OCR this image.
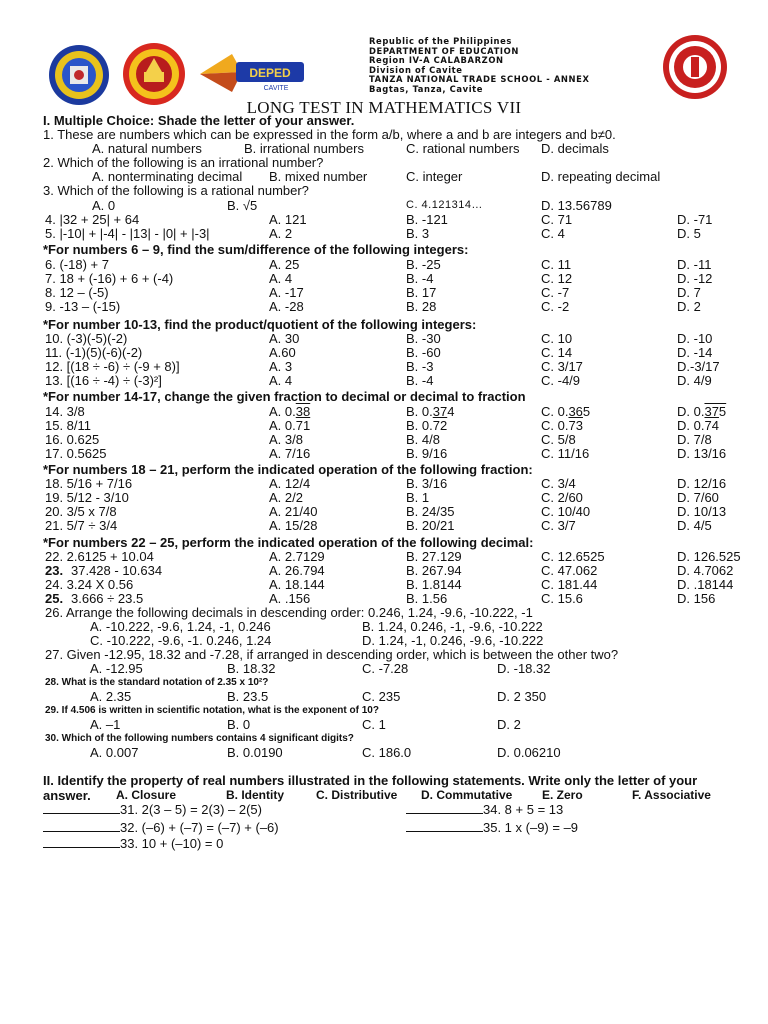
DEPED
CAVITE
Republic of the Philippines
DEPARTMENT OF EDUCATION
Region IV-A CALABARZON
Division of Cavite
TANZA NATIONAL TRADE SCHOOL - ANNEX
Bagtas, Tanza, Cavite
LONG TEST IN MATHEMATICS VII
I. Multiple Choice: Shade the letter of your answer.
1. These are numbers which can be expressed in the form a/b, where a and b are integers and b≠0.
A. natural numbers	B. irrational numbers	C. rational numbers D. decimals
2. Which of the following is an irrational number?
A. nonterminating decimal B. mixed number	C. integer	D. repeating decimal
3. Which of the following is a rational number?
A. 0	B. √5	C. 4.121314…	D. 13.56789
4. |32 + 25| + 64	A. 121	B. -121	C. 71	D. -71
5. |-10| + |-4| - |13| - |0| + |-3|	A. 2	B. 3	C. 4	D. 5
*For numbers 6 – 9, find the sum/difference of the following integers:
6. (-18) + 7	A. 25	B. -25	C. 11	D. -11
7. 18 + (-16) + 6 + (-4)	A. 4	B. -4	C. 12	D. -12
8. 12 – (-5)	A. -17	B. 17	C. -7	D. 7
9. -13 – (-15)	A. -28	B. 28	C. -2	D. 2
*For number 10-13, find the product/quotient of the following integers:
10. (-3)(-5)(-2)	A. 30	B. -30	C. 10	D. -10
11. (-1)(5)(-6)(-2)	A.60	B. -60	C. 14	D. -14
12. [(18 ÷ -6) ÷ (-9 + 8)]	A. 3	B. -3	C. 3/17	D.-3/17
13. [(16 ÷ -4) ÷ (-3)²]	A. 4	B. -4	C. -4/9	D. 4/9
*For number 14-17, change the given fraction to decimal or decimal to fraction
14. 3/8	A. 0.38	B. 0.374	C. 0.365	D. 0.375
15. 8/11	A. 0.71	B. 0.72	C. 0.73	D. 0.74
16. 0.625	A. 3/8	B. 4/8	C. 5/8	D. 7/8
17. 0.5625	A. 7/16	B. 9/16	C. 11/16	D. 13/16
*For numbers 18 – 21, perform the indicated operation of the following fraction:
18. 5/16 + 7/16	A. 12/4	B. 3/16	C. 3/4	D. 12/16
19. 5/12 - 3/10	A. 2/2	B. 1	C. 2/60	D. 7/60
20. 3/5 x 7/8	A. 21/40	B. 24/35	C. 10/40	D. 10/13
21. 5/7 ÷ 3/4	A. 15/28	B. 20/21	C. 3/7	D. 4/5
*For numbers 22 – 25, perform the indicated operation of the following decimal:
22. 2.6125 + 10.04	A. 2.7129	B. 27.129	C. 12.6525	D. 126.525
23. 37.428 - 10.634	A. 26.794	B. 267.94	C. 47.062	D. 4.7062
24. 3.24 X 0.56	A. 18.144	B. 1.8144	C. 181.44	D. .18144
25. 3.666 ÷ 23.5	A. .156	B. 1.56	C. 15.6	D. 156
26. Arrange the following decimals in descending order: 0.246, 1.24, -9.6, -10.222, -1
A. -10.222, -9.6, 1.24, -1, 0.246	B. 1.24, 0.246, -1, -9.6, -10.222
C. -10.222, -9.6, -1. 0.246, 1.24	D. 1.24, -1, 0.246, -9.6, -10.222
27. Given -12.95, 18.32 and -7.28, if arranged in descending order, which is between the other two?
A. -12.95	B. 18.32	C. -7.28	D. -18.32
28. What is the standard notation of 2.35 x 10²?
A. 2.35	B. 23.5	C. 235	D. 2 350
29. If 4.506 is written in scientific notation, what is the exponent of 10?
A. –1	B. 0	C. 1	D. 2
30. Which of the following numbers contains 4 significant digits?
A. 0.007	B. 0.0190	C. 186.0	D. 0.06210
II. Identify the property of real numbers illustrated in the following statements. Write only the letter of your
answer. A. Closure	B. Identity	C. Distributive D. Commutative E. Zero	F. Associative
31. 2(3 – 5) = 2(3) – 2(5)	34. 8 + 5 = 13
32. (–6) + (–7) = (–7) + (–6)	35. 1 x (–9) = –9
33. 10 + (–10) = 0
